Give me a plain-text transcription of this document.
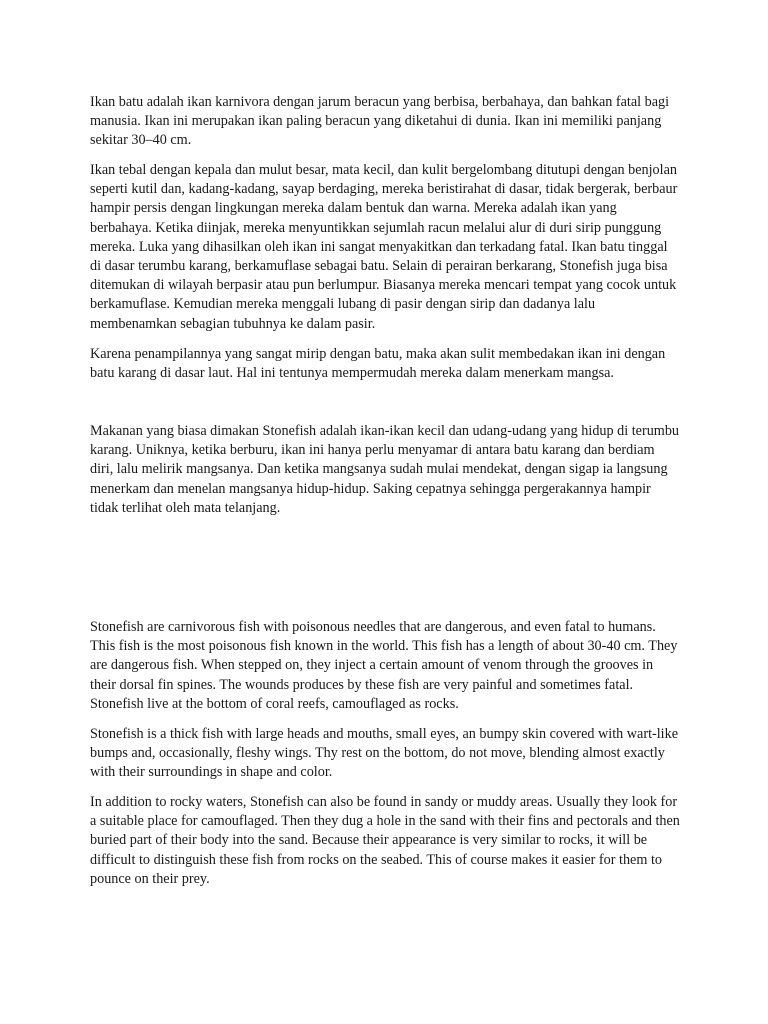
Ikan batu adalah ikan karnivora dengan jarum beracun yang berbisa, berbahaya, dan bahkan fatal bagi manusia. Ikan ini merupakan ikan paling beracun yang diketahui di dunia. Ikan ini memiliki panjang sekitar 30–40 cm.

Ikan tebal dengan kepala dan mulut besar, mata kecil, dan kulit bergelombang ditutupi dengan benjolan seperti kutil dan, kadang-kadang, sayap berdaging, mereka beristirahat di dasar, tidak bergerak, berbaur hampir persis dengan lingkungan mereka dalam bentuk dan warna. Mereka adalah ikan yang berbahaya. Ketika diinjak, mereka menyuntikkan sejumlah racun melalui alur di duri sirip punggung mereka. Luka yang dihasilkan oleh ikan ini sangat menyakitkan dan terkadang fatal. Ikan batu tinggal di dasar terumbu karang, berkamuflase sebagai batu. Selain di perairan berkarang, Stonefish juga bisa ditemukan di wilayah berpasir atau pun berlumpur. Biasanya mereka mencari tempat yang cocok untuk berkamuflase. Kemudian mereka menggali lubang di pasir dengan sirip dan dadanya lalu membenamkan sebagian tubuhnya ke dalam pasir.

Karena penampilannya yang sangat mirip dengan batu, maka akan sulit membedakan ikan ini dengan batu karang di dasar laut. Hal ini tentunya mempermudah mereka dalam menerkam mangsa.

Makanan yang biasa dimakan Stonefish adalah ikan-ikan kecil dan udang-udang yang hidup di terumbu karang. Uniknya, ketika berburu, ikan ini hanya perlu menyamar di antara batu karang dan berdiam diri, lalu melirik mangsanya. Dan ketika mangsanya sudah mulai mendekat, dengan sigap ia langsung menerkam dan menelan mangsanya hidup-hidup. Saking cepatnya sehingga pergerakannya hampir tidak terlihat oleh mata telanjang.

Stonefish are carnivorous fish with poisonous needles that are dangerous, and even fatal to humans. This fish is the most poisonous fish known in the world. This fish has a length of about 30-40 cm. They are dangerous fish. When stepped on, they inject a certain amount of venom through the grooves in their dorsal fin spines. The wounds produces by these fish are very painful and sometimes fatal. Stonefish live at the bottom of coral reefs, camouflaged as rocks.

Stonefish is a thick fish with large heads and mouths, small eyes, an bumpy skin covered with wart-like bumps and, occasionally, fleshy wings. Thy rest on the bottom, do not move, blending almost exactly with their surroundings in shape and color.

In addition to rocky waters, Stonefish can also be found in sandy or muddy areas. Usually they look for a suitable place for camouflaged. Then they dug a hole in the sand with their fins and pectorals and then buried part of their body into the sand. Because their appearance is very similar to rocks, it will be difficult to distinguish these fish from rocks on the seabed. This of course makes it easier for them to pounce on their prey.
